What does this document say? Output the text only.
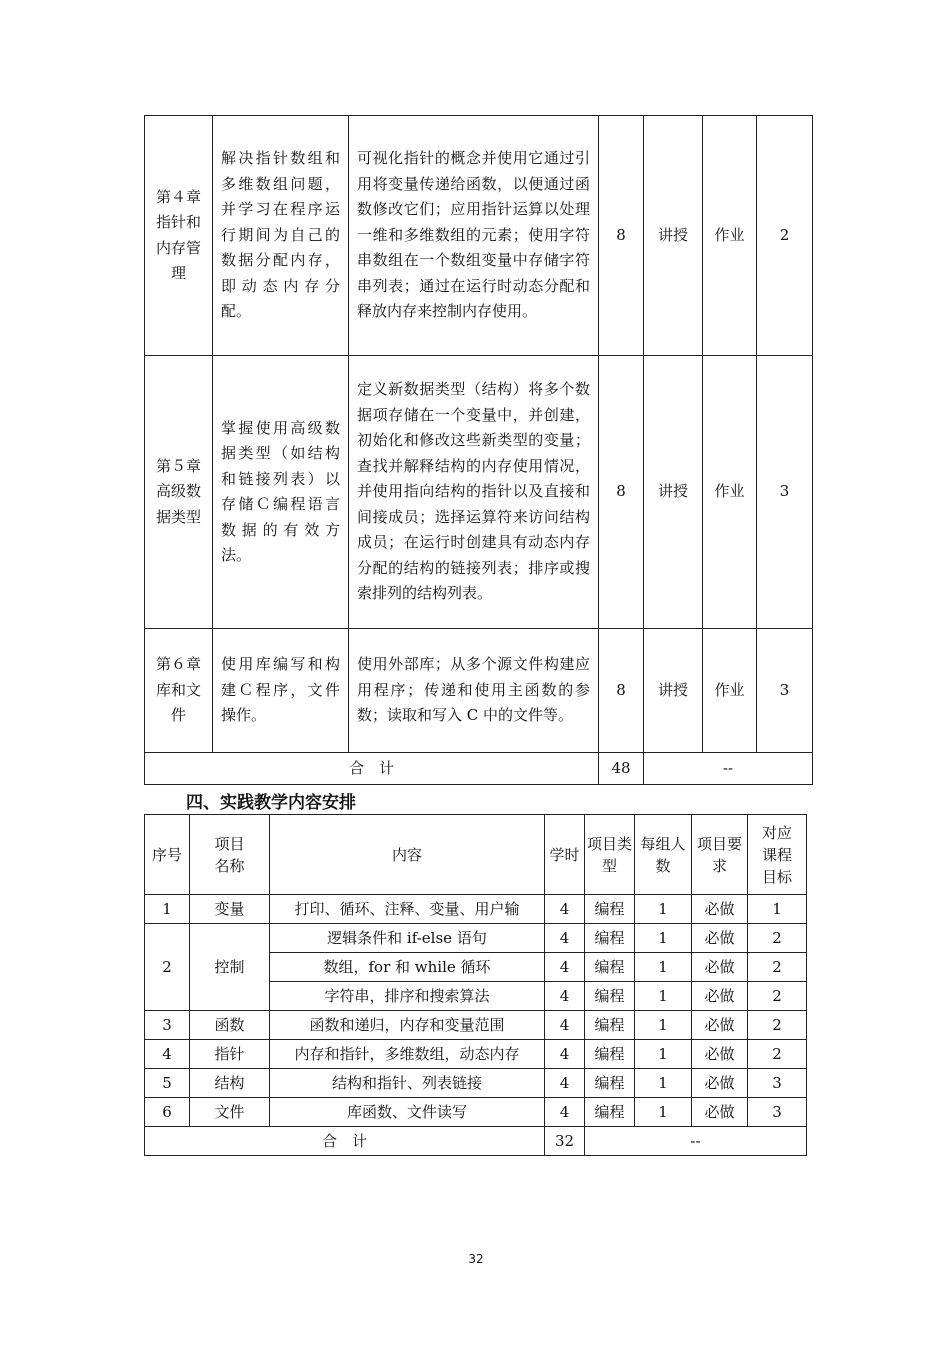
第４章指针和内存管理	解决指针数组和多维数组问题，并学习在程序运行期间为自己的数据分配内存，即动态内存分配。	可视化指针的概念并使用它通过引用将变量传递给函数，以便通过函数修改它们；应用指针运算以处理一维和多维数组的元素；使用字符串数组在一个数组变量中存储字符串列表；通过在运行时动态分配和释放内存来控制内存使用。	8	讲授	作业	2
第５章高级数据类型	掌握使用高级数据类型（如结构和链接列表）以存储Ｃ编程语言数据的有效方法。	定义新数据类型（结构）将多个数据项存储在一个变量中，并创建，初始化和修改这些新类型的变量；查找并解释结构的内存使用情况，并使用指向结构的指针以及直接和间接成员；选择运算符来访问结构成员；在运行时创建具有动态内存分配的结构的链接列表；排序或搜索排列的结构列表。	8	讲授	作业	3
第６章库和文件	使用库编写和构建Ｃ程序，文件操作。	使用外部库；从多个源文件构建应用程序；传递和使用主函数的参数；读取和写入 C 中的文件等。	8	讲授	作业	3
合　计			48	--		
四、实践教学内容安排
序号	项目名称	内容	学时	项目类型	每组人数	项目要求	对应课程目标
1	变量	打印、循环、注释、变量、用户输	4	编程	1	必做	1
2	控制	逻辑条件和 if-else 语句	4	编程	1	必做	2
		数组，for 和 while 循环	4	编程	1	必做	2
		字符串，排序和搜索算法	4	编程	1	必做	2
3	函数	函数和递归，内存和变量范围	4	编程	1	必做	2
4	指针	内存和指针，多维数组，动态内存	4	编程	1	必做	2
5	结构	结构和指针、列表链接	4	编程	1	必做	3
6	文件	库函数、文件读写	4	编程	1	必做	3
合　计			32	--			
32
